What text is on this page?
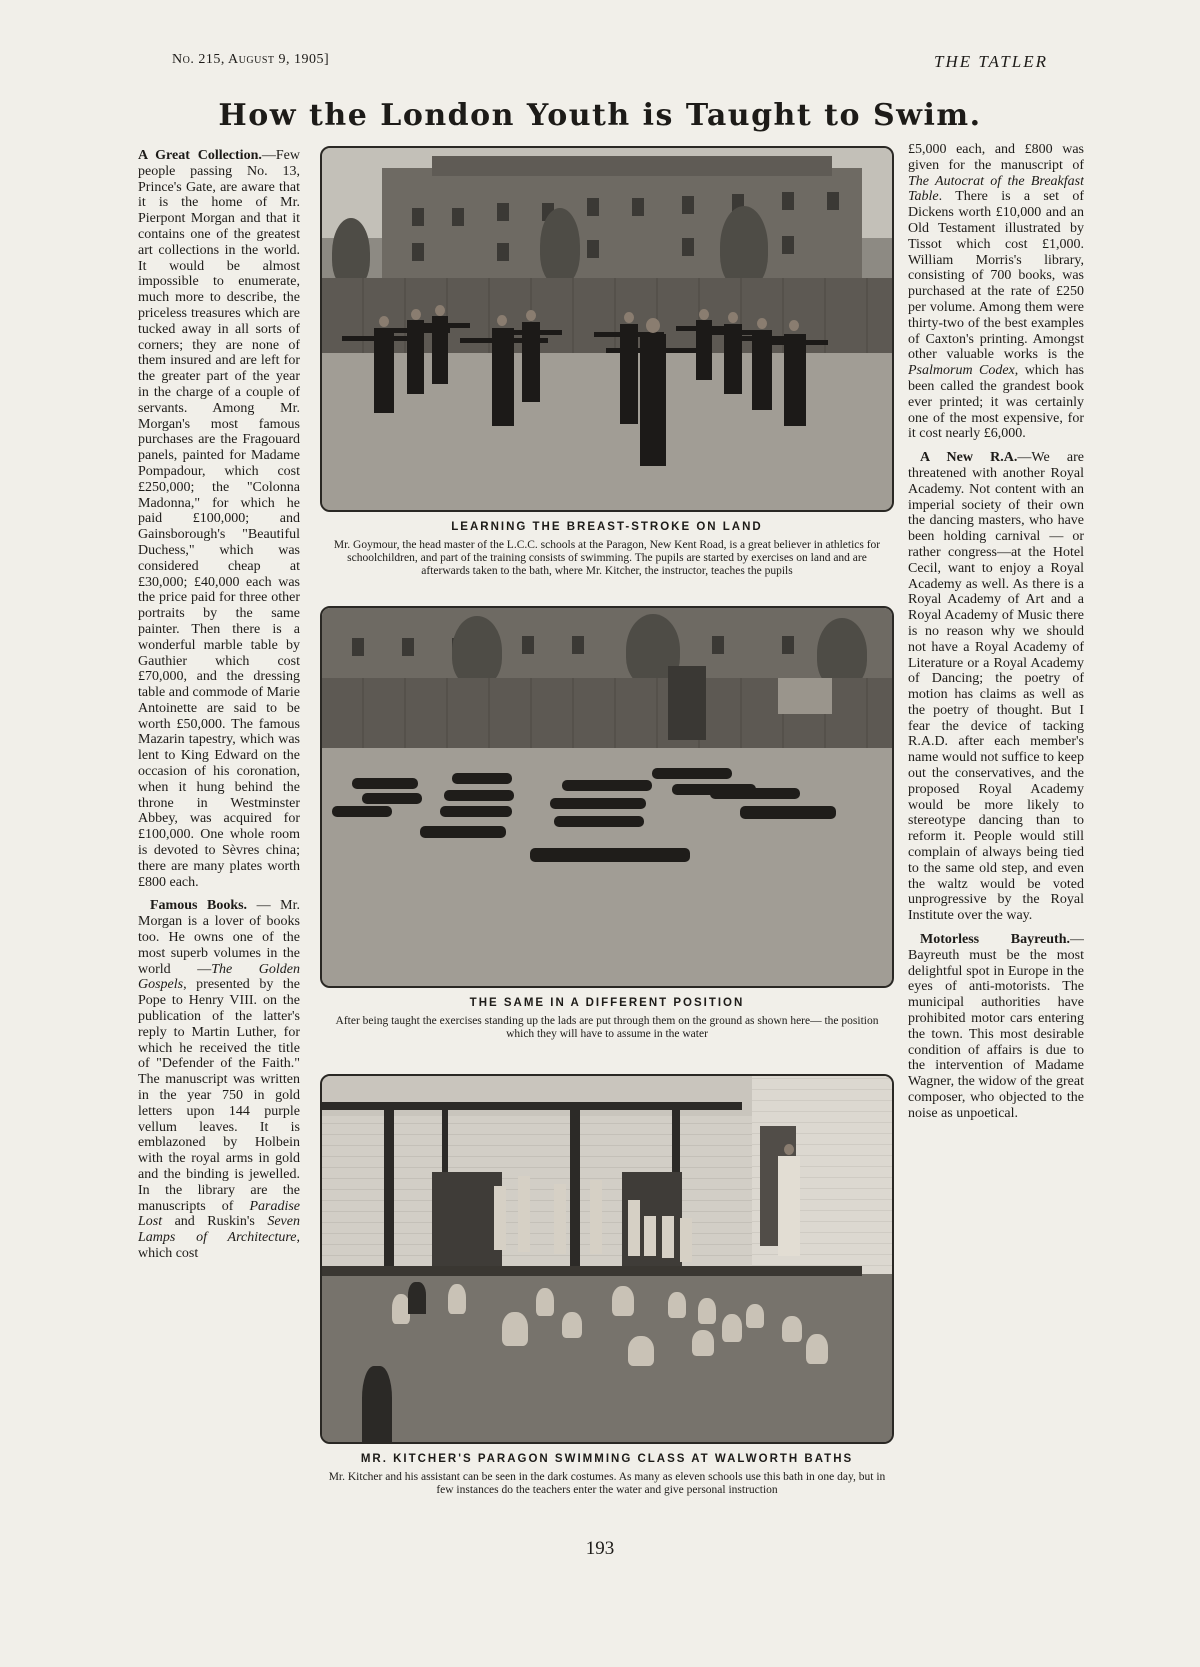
No. 215, August 9, 1905]	THE TATLER
How the London Youth is Taught to Swim.

A Great Collection.—Few people passing No. 13, Prince's Gate, are aware that it is the home of Mr. Pierpont Morgan and that it contains one of the greatest art collections in the world. It would be almost impossible to enumerate, much more to describe, the priceless treasures which are tucked away in all sorts of corners; they are none of them insured and are left for the greater part of the year in the charge of a couple of servants. Among Mr. Morgan's most famous purchases are the Fragouard panels, painted for Madame Pompadour, which cost £250,000; the "Colonna Madonna," for which he paid £100,000; and Gainsborough's "Beautiful Duchess," which was considered cheap at £30,000; £40,000 each was the price paid for three other portraits by the same painter. Then there is a wonderful marble table by Gauthier which cost £70,000, and the dressing table and commode of Marie Antoinette are said to be worth £50,000. The famous Mazarin tapestry, which was lent to King Edward on the occasion of his coronation, when it hung behind the throne in Westminster Abbey, was acquired for £100,000. One whole room is devoted to Sèvres china; there are many plates worth £800 each.

Famous Books. — Mr. Morgan is a lover of books too. He owns one of the most superb volumes in the world —The Golden Gospels, presented by the Pope to Henry VIII. on the publication of the latter's reply to Martin Luther, for which he received the title of "Defender of the Faith." The manuscript was written in the year 750 in gold letters upon 144 purple vellum leaves. It is emblazoned by Holbein with the royal arms in gold and the binding is jewelled. In the library are the manuscripts of Paradise Lost and Ruskin's Seven Lamps of Architecture, which cost

£5,000 each, and £800 was given for the manuscript of The Autocrat of the Breakfast Table. There is a set of Dickens worth £10,000 and an Old Testament illustrated by Tissot which cost £1,000. William Morris's library, consisting of 700 books, was purchased at the rate of £250 per volume. Among them were thirty-two of the best examples of Caxton's printing. Amongst other valuable works is the Psalmorum Codex, which has been called the grandest book ever printed; it was certainly one of the most expensive, for it cost nearly £6,000.

A New R.A.—We are threatened with another Royal Academy. Not content with an imperial society of their own the dancing masters, who have been holding carnival — or rather congress—at the Hotel Cecil, want to enjoy a Royal Academy as well. As there is a Royal Academy of Art and a Royal Academy of Music there is no reason why we should not have a Royal Academy of Literature or a Royal Academy of Dancing; the poetry of motion has claims as well as the poetry of thought. But I fear the device of tacking R.A.D. after each member's name would not suffice to keep out the conservatives, and the proposed Royal Academy would be more likely to stereotype dancing than to reform it. People would still complain of always being tied to the same old step, and even the waltz would be voted unprogressive by the Royal Institute over the way.

Motorless Bayreuth.—Bayreuth must be the most delightful spot in Europe in the eyes of anti-motorists. The municipal authorities have prohibited motor cars entering the town. This most desirable condition of affairs is due to the intervention of Madame Wagner, the widow of the great composer, who objected to the noise as unpoetical.

LEARNING THE BREAST-STROKE ON LAND
Mr. Goymour, the head master of the L.C.C. schools at the Paragon, New Kent Road, is a great believer in athletics for schoolchildren, and part of the training consists of swimming. The pupils are started by exercises on land and are afterwards taken to the bath, where Mr. Kitcher, the instructor, teaches the pupils
THE SAME IN A DIFFERENT POSITION
After being taught the exercises standing up the lads are put through them on the ground as shown here— the position which they will have to assume in the water
MR. KITCHER'S PARAGON SWIMMING CLASS AT WALWORTH BATHS
Mr. Kitcher and his assistant can be seen in the dark costumes. As many as eleven schools use this bath in one day, but in few instances do the teachers enter the water and give personal instruction
193
